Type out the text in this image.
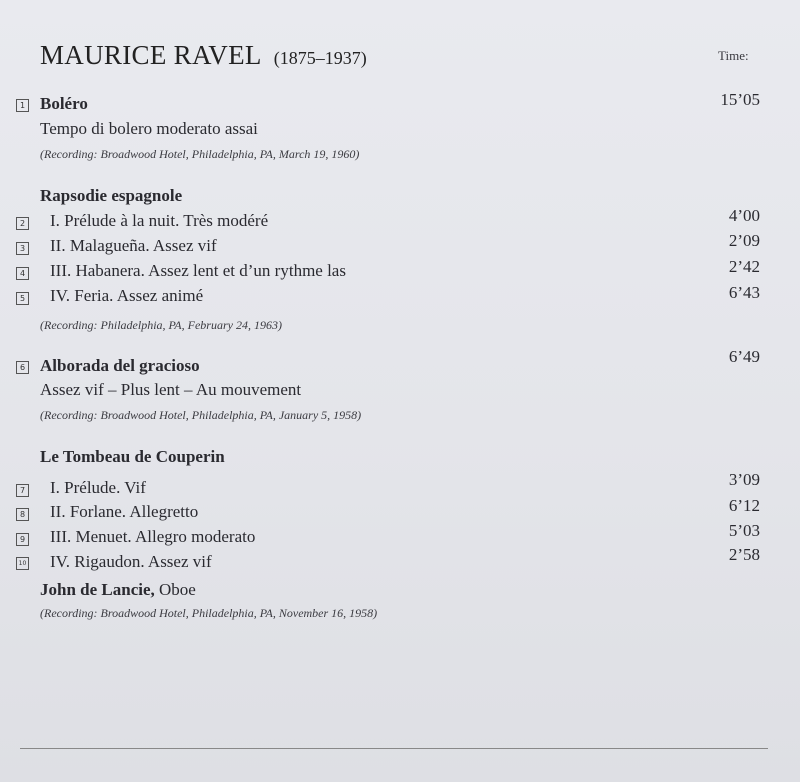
MAURICE RAVEL (1875–1937)	Time:
1 Boléro	15’05
Tempo di bolero moderato assai
(Recording: Broadwood Hotel, Philadelphia, PA, March 19, 1960)
Rapsodie espagnole
2 I. Prélude à la nuit. Très modéré	4’00
3 II. Malagueña. Assez vif	2’09
4 III. Habanera. Assez lent et d’un rythme las	2’42
5 IV. Feria. Assez animé	6’43
(Recording: Philadelphia, PA, February 24, 1963)
6 Alborada del gracioso	6’49
Assez vif – Plus lent – Au mouvement
(Recording: Broadwood Hotel, Philadelphia, PA, January 5, 1958)
Le Tombeau de Couperin
7 I. Prélude. Vif	3’09
8 II. Forlane. Allegretto	6’12
9 III. Menuet. Allegro moderato	5’03
10 IV. Rigaudon. Assez vif	2’58
John de Lancie, Oboe
(Recording: Broadwood Hotel, Philadelphia, PA, November 16, 1958)
